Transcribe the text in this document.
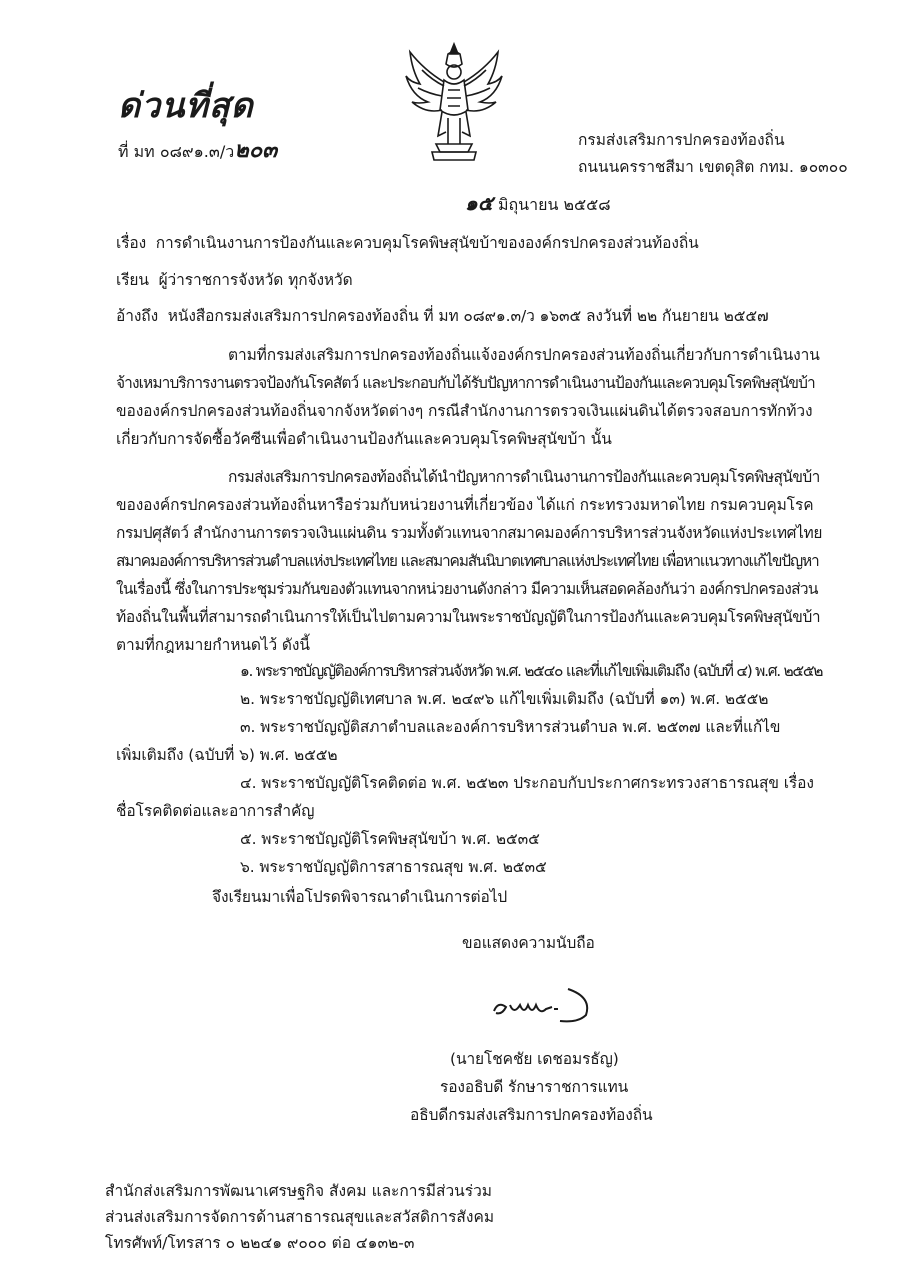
ด่วนที่สุด
ที่ มท ๐๘๙๑.๓/ว๒๐๓	กรมส่งเสริมการปกครองท้องถิ่น
ถนนนครราชสีมา เขตดุสิต กทม. ๑๐๓๐๐
๑๕ มิถุนายน ๒๕๕๘
เรื่อง การดำเนินงานการป้องกันและควบคุมโรคพิษสุนัขบ้าขององค์กรปกครองส่วนท้องถิ่น
เรียน ผู้ว่าราชการจังหวัด ทุกจังหวัด
อ้างถึง หนังสือกรมส่งเสริมการปกครองท้องถิ่น ที่ มท ๐๘๙๑.๓/ว ๑๖๓๕ ลงวันที่ ๒๒ กันยายน ๒๕๕๗
ตามที่กรมส่งเสริมการปกครองท้องถิ่นแจ้งองค์กรปกครองส่วนท้องถิ่นเกี่ยวกับการดำเนินงาน
จ้างเหมาบริการงานตรวจป้องกันโรคสัตว์ และประกอบกับได้รับปัญหาการดำเนินงานป้องกันและควบคุมโรคพิษสุนัขบ้า
ขององค์กรปกครองส่วนท้องถิ่นจากจังหวัดต่างๆ กรณีสำนักงานการตรวจเงินแผ่นดินได้ตรวจสอบการทักท้วง
เกี่ยวกับการจัดซื้อวัคซีนเพื่อดำเนินงานป้องกันและควบคุมโรคพิษสุนัขบ้า นั้น
กรมส่งเสริมการปกครองท้องถิ่นได้นำปัญหาการดำเนินงานการป้องกันและควบคุมโรคพิษสุนัขบ้า
ขององค์กรปกครองส่วนท้องถิ่นหารือร่วมกับหน่วยงานที่เกี่ยวข้อง ได้แก่ กระทรวงมหาดไทย กรมควบคุมโรค
กรมปศุสัตว์ สำนักงานการตรวจเงินแผ่นดิน รวมทั้งตัวแทนจากสมาคมองค์การบริหารส่วนจังหวัดแห่งประเทศไทย
สมาคมองค์การบริหารส่วนตำบลแห่งประเทศไทย และสมาคมสันนิบาตเทศบาลแห่งประเทศไทย เพื่อหาแนวทางแก้ไขปัญหา
ในเรื่องนี้ ซึ่งในการประชุมร่วมกันของตัวแทนจากหน่วยงานดังกล่าว มีความเห็นสอดคล้องกันว่า องค์กรปกครองส่วน
ท้องถิ่นในพื้นที่สามารถดำเนินการให้เป็นไปตามความในพระราชบัญญัติในการป้องกันและควบคุมโรคพิษสุนัขบ้า
ตามที่กฎหมายกำหนดไว้ ดังนี้
๑. พระราชบัญญัติองค์การบริหารส่วนจังหวัด พ.ศ. ๒๕๔๐ และที่แก้ไขเพิ่มเติมถึง (ฉบับที่ ๔) พ.ศ. ๒๕๕๒
๒. พระราชบัญญัติเทศบาล พ.ศ. ๒๔๙๖ แก้ไขเพิ่มเติมถึง (ฉบับที่ ๑๓) พ.ศ. ๒๕๕๒
๓. พระราชบัญญัติสภาตำบลและองค์การบริหารส่วนตำบล พ.ศ. ๒๕๓๗ และที่แก้ไข
เพิ่มเติมถึง (ฉบับที่ ๖) พ.ศ. ๒๕๕๒
๔. พระราชบัญญัติโรคติดต่อ พ.ศ. ๒๕๒๓ ประกอบกับประกาศกระทรวงสาธารณสุข เรื่อง
ชื่อโรคติดต่อและอาการสำคัญ
๕. พระราชบัญญัติโรคพิษสุนัขบ้า พ.ศ. ๒๕๓๕
๖. พระราชบัญญัติการสาธารณสุข พ.ศ. ๒๕๓๕
จึงเรียนมาเพื่อโปรดพิจารณาดำเนินการต่อไป
ขอแสดงความนับถือ
(นายโชคชัย เดชอมรธัญ)
รองอธิบดี รักษาราชการแทน
อธิบดีกรมส่งเสริมการปกครองท้องถิ่น
สำนักส่งเสริมการพัฒนาเศรษฐกิจ สังคม และการมีส่วนร่วม
ส่วนส่งเสริมการจัดการด้านสาธารณสุขและสวัสดิการสังคม
โทรศัพท์/โทรสาร ๐ ๒๒๔๑ ๙๐๐๐ ต่อ ๔๑๓๒-๓
